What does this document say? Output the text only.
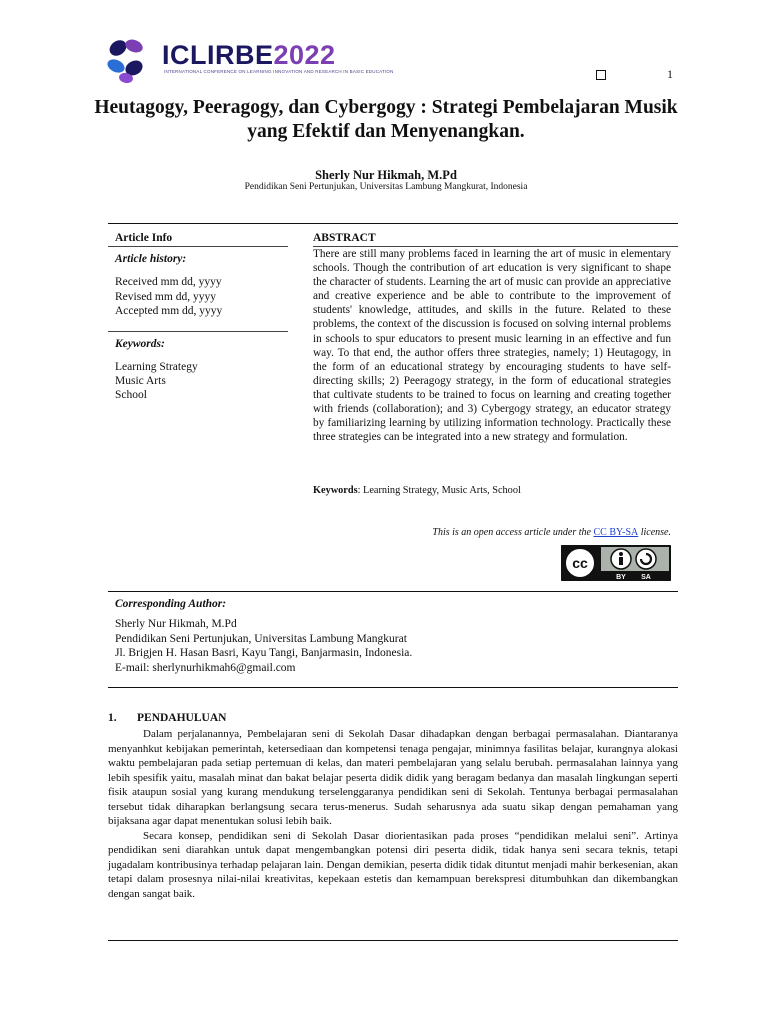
ICLIRBE2022
INTERNATIONAL CONFERENCE ON LEARNING INNOVATION AND RESEARCH IN BASIC EDUCATION	1
Heutagogy, Peeragogy, dan Cybergogy : Strategi Pembelajaran Musik yang Efektif dan Menyenangkan.
Sherly Nur Hikmah, M.Pd
Pendidikan Seni Pertunjukan, Universitas Lambung Mangkurat, Indonesia
Article Info
Article history:
Received mm dd, yyyy
Revised mm dd, yyyy
Accepted mm dd, yyyy
Keywords:
Learning Strategy
Music Arts
School
ABSTRACT
There are still many problems faced in learning the art of music in elementary schools. Though the contribution of art education is very significant to shape the character of students. Learning the art of music can provide an appreciative and creative experience and be able to contribute to the improvement of students' knowledge, attitudes, and skills in the future. Related to these problems, the context of the discussion is focused on solving internal problems in schools to spur educators to present music learning in an effective and fun way. To that end, the author offers three strategies, namely; 1) Heutagogy, in the form of an educational strategy by encouraging students to have self-directing skills; 2) Peeragogy strategy, in the form of educational strategies that cultivate students to be trained to focus on learning and creating together with friends (collaboration); and 3) Cybergogy strategy, an educator strategy by familiarizing learning by utilizing information technology. Practically these three strategies can be integrated into a new strategy and formulation.
Keywords: Learning Strategy, Music Arts, School
This is an open access article under the CC BY-SA license.
cc
BY SA
Corresponding Author:
Sherly Nur Hikmah, M.Pd
Pendidikan Seni Pertunjukan, Universitas Lambung Mangkurat
Jl. Brigjen H. Hasan Basri, Kayu Tangi, Banjarmasin, Indonesia.
E-mail: sherlynurhikmah6@gmail.com
1. PENDAHULUAN

Dalam perjalanannya, Pembelajaran seni di Sekolah Dasar dihadapkan dengan berbagai permasalahan. Diantaranya menyanhkut kebijakan pemerintah, ketersediaan dan kompetensi tenaga pengajar, minimnya fasilitas belajar, kurangnya alokasi waktu pembelajaran pada setiap pertemuan di kelas, dan materi pembelajaran yang selalu berubah. permasalahan lainnya yang lebih spesifik yaitu, masalah minat dan bakat belajar peserta didik didik yang beragam bedanya dan masalah lingkungan seperti fisik ataupun sosial yang kurang mendukung terselenggaranya pendidikan seni di Sekolah. Tentunya berbagai permasalahan tersebut tidak diharapkan berlangsung secara terus-menerus. Sudah seharusnya ada suatu sikap dengan pemahaman yang bijaksana agar dapat menentukan solusi lebih baik.

Secara konsep, pendidikan seni di Sekolah Dasar diorientasikan pada proses “pendidikan melalui seni”. Artinya pendidikan seni diarahkan untuk dapat mengembangkan potensi diri peserta didik, tidak hanya seni secara teknis, tetapi jugadalam kontribusinya terhadap pelajaran lain. Dengan demikian, peserta didik tidak dituntut menjadi mahir berkesenian, akan tetapi dalam prosesnya nilai-nilai kreativitas, kepekaan estetis dan kemampuan berekspresi ditumbuhkan dan dikembangkan dengan sangat baik.
